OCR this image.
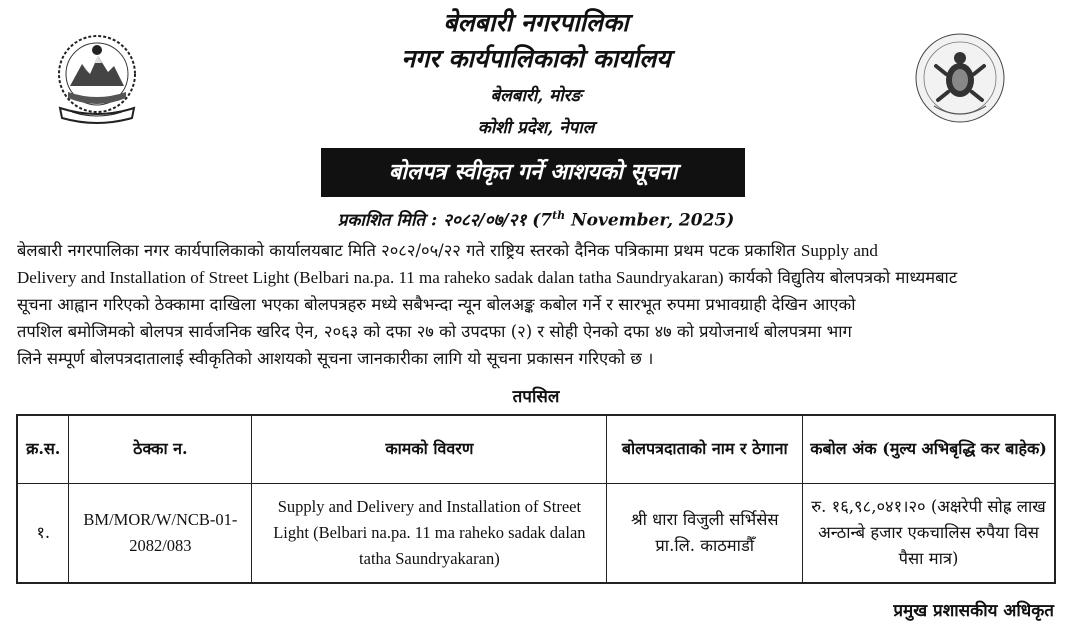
बेलबारी नगरपालिका
नगर कार्यपालिकाको कार्यालय
बेलबारी, मोरङ
कोशी प्रदेश, नेपाल
बोलपत्र स्वीकृत गर्ने आशयको सूचना
प्रकाशित मिति : २०८२/०७/२१ (7th November, 2025)
बेलबारी नगरपालिका नगर कार्यपालिकाको कार्यालयबाट मिति २०८२/०५/२२ गते राष्ट्रिय स्तरको दैनिक पत्रिकामा प्रथम पटक प्रकाशित Supply and
Delivery and Installation of Street Light (Belbari na.pa. 11 ma raheko sadak dalan tatha Saundryakaran) कार्यको विद्युतिय बोलपत्रको माध्यमबाट
सूचना आह्वान गरिएको ठेक्कामा दाखिला भएका बोलपत्रहरु मध्ये सबैभन्दा न्यून बोलअङ्क कबोल गर्ने र सारभूत रुपमा प्रभावग्राही देखिन आएको
तपशिल बमोजिमको बोलपत्र सार्वजनिक खरिद ऐन, २०६३ को दफा २७ को उपदफा (२) र सोही ऐनको दफा ४७ को प्रयोजनार्थ बोलपत्रमा भाग
लिने सम्पूर्ण बोलपत्रदातालाई स्वीकृतिको आशयको सूचना जानकारीका लागि यो सूचना प्रकासन गरिएको छ ।
तपसिल
क्र.स.	ठेक्का न.	कामको विवरण	बोलपत्रदाताको नाम र ठेगाना	कबोल अंक (मुल्य अभिबृद्धि कर बाहेक)
१.	BM/MOR/W/NCB-01-2082/083	Supply and Delivery and Installation of Street Light (Belbari na.pa. 11 ma raheko sadak dalan tatha Saundryakaran)	श्री धारा विजुली सर्भिसेस प्रा.लि. काठमाडौँ	रु. १६,९८,०४१।२० (अक्षरेपी सोह्र लाख अन्ठान्बे हजार एकचालिस रुपैया विस पैसा मात्र)
प्रमुख प्रशासकीय अधिकृत
